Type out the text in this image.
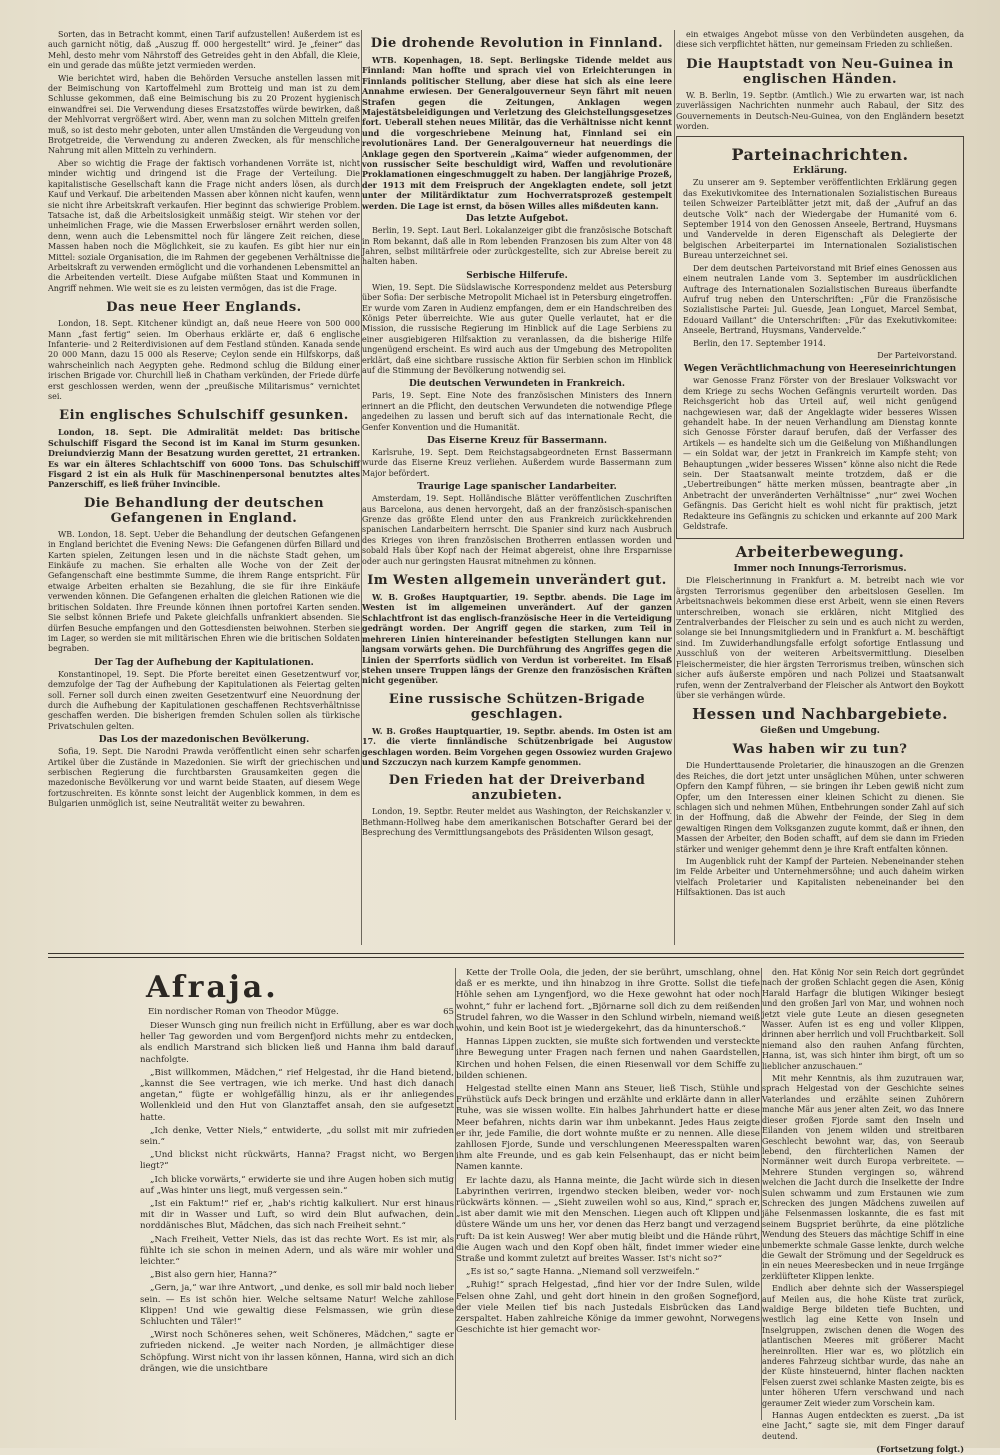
Sorten, das in Betracht kommt, einen Tarif aufzustellen! Außerdem ist es auch garnicht nötig, daß „Auszug ff. 000 hergestellt“ wird. Je „feiner“ das Mehl, desto mehr vom Nährstoff des Getreides geht in den Abfall, die Kleie, ein und gerade das müßte jetzt vermieden werden.

Wie berichtet wird, haben die Behörden Versuche anstellen lassen mit der Beimischung von Kartoffelmehl zum Brotteig und man ist zu dem Schlusse gekommen, daß eine Beimischung bis zu 20 Prozent hygienisch einwandfrei sei. Die Verwendung dieses Ersatzstoffes würde bewirken, daß der Mehlvorrat vergrößert wird. Aber, wenn man zu solchen Mitteln greifen muß, so ist desto mehr geboten, unter allen Umständen die Vergeudung von Brotgetreide, die Verwendung zu anderen Zwecken, als für menschliche Nahrung mit allen Mitteln zu verhindern.

Aber so wichtig die Frage der faktisch vorhandenen Vorräte ist, nicht minder wichtig und dringend ist die Frage der Verteilung. Die kapitalistische Gesellschaft kann die Frage nicht anders lösen, als durch Kauf und Verkauf. Die arbeitenden Massen aber können nicht kaufen, wenn sie nicht ihre Arbeitskraft verkaufen. Hier beginnt das schwierige Problem. Tatsache ist, daß die Arbeitslosigkeit unmäßig steigt. Wir stehen vor der unheimlichen Frage, wie die Massen Erwerbsloser ernährt werden sollen, denn, wenn auch die Lebensmittel noch für längere Zeit reichen, diese Massen haben noch die Möglichkeit, sie zu kaufen. Es gibt hier nur ein Mittel: soziale Organisation, die im Rahmen der gegebenen Verhältnisse die Arbeitskraft zu verwenden ermöglicht und die vorhandenen Lebensmittel an die Arbeitenden verteilt. Diese Aufgabe müßten Staat und Kommunen in Angriff nehmen. Wie weit sie es zu leisten vermögen, das ist die Frage.

Das neue Heer Englands.

London, 18. Sept. Kitchener kündigt an, daß neue Heere von 500 000 Mann „fast fertig“ seien. Im Oberhaus erklärte er, daß 6 englische Infanterie- und 2 Reiterdivisionen auf dem Festland stünden. Kanada sende 20 000 Mann, dazu 15 000 als Reserve; Ceylon sende ein Hilfskorps, daß wahrscheinlich nach Aegypten gehe. Redmond schlug die Bildung einer irischen Brigade vor. Churchill ließ in Chatham verkünden, der Friede dürfe erst geschlossen werden, wenn der „preußische Militarismus“ vernichtet sei.

Ein englisches Schulschiff gesunken.

London, 18. Sept. Die Admiralität meldet: Das britische Schulschiff Fisgard the Second ist im Kanal im Sturm gesunken. Dreiundvierzig Mann der Besatzung wurden gerettet, 21 ertranken. Es war ein älteres Schlachtschiff von 6000 Tons. Das Schulschiff Fisgard 2 ist ein als Hulk für Maschinenpersonal benutztes altes Panzerschiff, es ließ früher Invincible.

Die Behandlung der deutschen Gefangenen in England.

WB. London, 18. Sept. Ueber die Behandlung der deutschen Gefangenen in England berichtet die Evening News: Die Gefangenen dürfen Billard und Karten spielen, Zeitungen lesen und in die nächste Stadt gehen, um Einkäufe zu machen. Sie erhalten alle Woche von der Zeit der Gefangenschaft eine bestimmte Summe, die ihrem Range entspricht. Für etwaige Arbeiten erhalten sie Bezahlung, die sie für ihre Einkäufe verwenden können. Die Gefangenen erhalten die gleichen Rationen wie die britischen Soldaten. Ihre Freunde können ihnen portofrei Karten senden. Sie selbst können Briefe und Pakete gleichfalls unfrankiert absenden. Sie dürfen Besuche empfangen und den Gottesdiensten beiwohnen. Sterben sie im Lager, so werden sie mit militärischen Ehren wie die britischen Soldaten begraben.

Der Tag der Aufhebung der Kapitulationen.

Konstantinopel, 19. Sept. Die Pforte bereitet einen Gesetzentwurf vor, demzufolge der Tag der Aufhebung der Kapitulationen als Feiertag gelten soll. Ferner soll durch einen zweiten Gesetzentwurf eine Neuordnung der durch die Aufhebung der Kapitulationen geschaffenen Rechtsverhältnisse geschaffen werden. Die bisherigen fremden Schulen sollen als türkische Privatschulen gelten.

Das Los der mazedonischen Bevölkerung.

Sofia, 19. Sept. Die Narodni Prawda veröffentlicht einen sehr scharfen Artikel über die Zustände in Mazedonien. Sie wirft der griechischen und serbischen Regierung die furchtbarsten Grausamkeiten gegen die mazedonische Bevölkerung vor und warnt beide Staaten, auf diesem Wege fortzuschreiten. Es könnte sonst leicht der Augenblick kommen, in dem es Bulgarien unmöglich ist, seine Neutralität weiter zu bewahren.

Die drohende Revolution in Finnland.

WTB. Kopenhagen, 18. Sept. Berlingske Tidende meldet aus Finnland: Man hoffte und sprach viel von Erleichterungen in Finnlands politischer Stellung, aber diese hat sich als eine leere Annahme erwiesen. Der Generalgouverneur Seyn fährt mit neuen Strafen gegen die Zeitungen, Anklagen wegen Majestätsbeleidigungen und Verletzung des Gleichstellungsgesetzes fort. Ueberall stehen neues Militär, das die Verhältnisse nicht kennt und die vorgeschriebene Meinung hat, Finnland sei ein revolutionäres Land. Der Generalgouverneur hat neuerdings die Anklage gegen den Sportverein „Kaima“ wieder aufgenommen, der von russischer Seite beschuldigt wird, Waffen und revolutionäre Proklamationen eingeschmuggelt zu haben. Der langjährige Prozeß, der 1913 mit dem Freispruch der Angeklagten endete, soll jetzt unter der Militärdiktatur zum Hochverratsprozeß gestempelt werden. Die Lage ist ernst, da bösen Willes alles mißdeuten kann.

Das letzte Aufgebot.

Berlin, 19. Sept. Laut Berl. Lokalanzeiger gibt die französische Botschaft in Rom bekannt, daß alle in Rom lebenden Franzosen bis zum Alter von 48 Jahren, selbst militärfreie oder zurückgestellte, sich zur Abreise bereit zu halten haben.

Serbische Hilferufe.

Wien, 19. Sept. Die Südslawische Korrespondenz meldet aus Petersburg über Sofia: Der serbische Metropolit Michael ist in Petersburg eingetroffen. Er wurde vom Zaren in Audienz empfangen, dem er ein Handschreiben des Königs Peter überreichte. Wie aus guter Quelle verlautet, hat er die Mission, die russische Regierung im Hinblick auf die Lage Serbiens zu einer ausgiebigeren Hilfsaktion zu veranlassen, da die bisherige Hilfe ungenügend erscheint. Es wird auch aus der Umgebung des Metropoliten erklärt, daß eine sichtbare russische Aktion für Serbien schon im Hinblick auf die Stimmung der Bevölkerung notwendig sei.

Die deutschen Verwundeten in Frankreich.

Paris, 19. Sept. Eine Note des französischen Ministers des Innern erinnert an die Pflicht, den deutschen Verwundeten die notwendige Pflege angedeihen zu lassen und beruft sich auf das internationale Recht, die Genfer Konvention und die Humanität.

Das Eiserne Kreuz für Bassermann.

Karlsruhe, 19. Sept. Dem Reichstagsabgeordneten Ernst Bassermann wurde das Eiserne Kreuz verliehen. Außerdem wurde Bassermann zum Major befördert.

Traurige Lage spanischer Landarbeiter.

Amsterdam, 19. Sept. Holländische Blätter veröffentlichen Zuschriften aus Barcelona, aus denen hervorgeht, daß an der französisch-spanischen Grenze das größte Elend unter den aus Frankreich zurückkehrenden spanischen Landarbeitern herrscht. Die Spanier sind kurz nach Ausbruch des Krieges von ihren französischen Brotherren entlassen worden und sobald Hals über Kopf nach der Heimat abgereist, ohne ihre Ersparnisse oder auch nur geringsten Hausrat mitnehmen zu können.

Im Westen allgemein unverändert gut.

W. B. Großes Hauptquartier, 19. Septbr. abends. Die Lage im Westen ist im allgemeinen unverändert. Auf der ganzen Schlachtfront ist das englisch-französische Heer in die Verteidigung gedrängt worden. Der Angriff gegen die starken, zum Teil in mehreren Linien hintereinander befestigten Stellungen kann nur langsam vorwärts gehen. Die Durchführung des Angriffes gegen die Linien der Sperrforts südlich von Verdun ist vorbereitet. Im Elsaß stehen unsere Truppen längs der Grenze den französischen Kräften nicht gegenüber.

Eine russische Schützen-Brigade geschlagen.

W. B. Großes Hauptquartier, 19. Septbr. abends. Im Osten ist am 17. die vierte finnländische Schützenbrigade bei Augustow geschlagen worden. Beim Vorgehen gegen Ossowiez wurden Grajewo und Szczuczyn nach kurzem Kampfe genommen.

Den Frieden hat der Dreiverband anzubieten.

London, 19. Septbr. Reuter meldet aus Washington, der Reichskanzler v. Bethmann-Hollweg habe dem amerikanischen Botschafter Gerard bei der Besprechung des Vermittlungsangebots des Präsidenten Wilson gesagt,

ein etwaiges Angebot müsse von den Verbündeten ausgehen, da diese sich verpflichtet hätten, nur gemeinsam Frieden zu schließen.

Die Hauptstadt von Neu-Guinea in englischen Händen.

W. B. Berlin, 19. Septbr. (Amtlich.) Wie zu erwarten war, ist nach zuverlässigen Nachrichten nunmehr auch Rabaul, der Sitz des Gouvernements in Deutsch-Neu-Guinea, von den Engländern besetzt worden.

Parteinachrichten.
Erklärung.

Zu unserer am 9. September veröffentlichten Erklärung gegen das Exekutivkomitee des Internationalen Sozialistischen Bureaus teilen Schweizer Parteiblätter jetzt mit, daß der „Aufruf an das deutsche Volk“ nach der Wiedergabe der Humanité vom 6. September 1914 von den Genossen Anseele, Bertrand, Huysmans und Vandervelde in deren Eigenschaft als Delegierte der belgischen Arbeiterpartei im Internationalen Sozialistischen Bureau unterzeichnet sei.

Der dem deutschen Parteivorstand mit Brief eines Genossen aus einem neutralen Lande vom 3. September im ausdrücklichen Auftrage des Internationalen Sozialistischen Bureaus überfandte Aufruf trug neben den Unterschriften: „Für die Französische Sozialistische Partei: Jul. Guesde, Jean Longuet, Marcel Sembat, Edouard Vaillant“ die Unterschriften: „Für das Exekutivkomitee: Anseele, Bertrand, Huysmans, Vandervelde.“

Berlin, den 17. September 1914.

Der Parteivorstand.

Wegen Verächtlichmachung von Heereseinrichtungen

war Genosse Franz Förster von der Breslauer Volkswacht vor dem Kriege zu sechs Wochen Gefängnis verurteilt worden. Das Reichsgericht hob das Urteil auf, weil nicht genügend nachgewiesen war, daß der Angeklagte wider besseres Wissen gehandelt habe. In der neuen Verhandlung am Dienstag konnte sich Genosse Förster darauf berufen, daß der Verfasser des Artikels — es handelte sich um die Geißelung von Mißhandlungen — ein Soldat war, der jetzt in Frankreich im Kampfe steht; von Behauptungen „wider besseres Wissen“ könne also nicht die Rede sein. Der Staatsanwalt meinte trotzdem, daß er die „Uebertreibungen“ hätte merken müssen, beantragte aber „in Anbetracht der unveränderten Verhältnisse“ „nur“ zwei Wochen Gefängnis. Das Gericht hielt es wohl nicht für praktisch, jetzt Redakteure ins Gefängnis zu schicken und erkannte auf 200 Mark Geldstrafe.

Arbeiterbewegung.
Immer noch Innungs-Terrorismus.

Die Fleischerinnung in Frankfurt a. M. betreibt nach wie vor ärgsten Terrorismus gegenüber den arbeitslosen Gesellen. Im Arbeitsnachweis bekommen diese erst Arbeit, wenn sie einen Revers unterschreiben, wonach sie erklären, nicht Mitglied des Zentralverbandes der Fleischer zu sein und es auch nicht zu werden, solange sie bei Innungsmitgliedern und in Frankfurt a. M. beschäftigt sind. Im Zuwiderhandlungsfalle erfolgt sofortige Entlassung und Ausschluß von der weiteren Arbeitsvermittlung. Dieselben Fleischermeister, die hier ärgsten Terrorismus treiben, wünschen sich sicher aufs äußerste empören und nach Polizei und Staatsanwalt rufen, wenn der Zentralverband der Fleischer als Antwort den Boykott über sie verhängen würde.

Hessen und Nachbargebiete.
Gießen und Umgebung.
Was haben wir zu tun?

Die Hunderttausende Proletarier, die hinauszogen an die Grenzen des Reiches, die dort jetzt unter unsäglichen Mühen, unter schweren Opfern den Kampf führen, — sie bringen ihr Leben gewiß nicht zum Opfer, um den Interessen einer kleinen Schicht zu dienen. Sie schlagen sich und nehmen Mühen, Entbehrungen sonder Zahl auf sich in der Hoffnung, daß die Abwehr der Feinde, der Sieg in dem gewaltigen Ringen dem Volksganzen zugute kommt, daß er ihnen, den Massen der Arbeiter, den Boden schafft, auf dem sie dann im Frieden stärker und weniger gehemmt denn je ihre Kraft entfalten können.

Im Augenblick ruht der Kampf der Parteien. Nebeneinander stehen im Felde Arbeiter und Unternehmersöhne; und auch daheim wirken vielfach Proletarier und Kapitalisten nebeneinander bei den Hilfsaktionen. Das ist auch

Afraja.
Ein nordischer Roman von Theodor Mügge.	65

Dieser Wunsch ging nun freilich nicht in Erfüllung, aber es war doch heller Tag geworden und vom Bergenfjord nichts mehr zu entdecken, als endlich Marstrand sich blicken ließ und Hanna ihm bald darauf nachfolgte.

„Bist willkommen, Mädchen,“ rief Helgestad, ihr die Hand bietend, „kannst die See vertragen, wie ich merke. Und hast dich danach angetan,“ fügte er wohlgefällig hinzu, als er ihr anliegendes Wollenkleid und den Hut von Glanztaffet ansah, den sie aufgesetzt hatte.

„Ich denke, Vetter Niels,“ entwiderte, „du sollst mit mir zufrieden sein.“

„Und blickst nicht rückwärts, Hanna? Fragst nicht, wo Bergen liegt?“

„Ich blicke vorwärts,“ erwiderte sie und ihre Augen hoben sich mutig auf „Was hinter uns liegt, muß vergessen sein.“

„Ist ein Faktum!“ rief er, „hab's richtig kalkuliert. Nur erst hinaus mit dir in Wasser und Luft, so wird dein Blut aufwachen, dein norddänisches Blut, Mädchen, das sich nach Freiheit sehnt.“

„Nach Freiheit, Vetter Niels, das ist das rechte Wort. Es ist mir, als fühlte ich sie schon in meinen Adern, und als wäre mir wohler und leichter.“

„Bist also gern hier, Hanna?“

„Gern, ja,“ war ihre Antwort, „und denke, es soll mir bald noch lieber sein. — Es ist schön hier. Welche seltsame Natur! Welche zahllose Klippen! Und wie gewaltig diese Felsmassen, wie grün diese Schluchten und Täler!“

„Wirst noch Schöneres sehen, weit Schöneres, Mädchen,“ sagte er zufrieden nickend. „Je weiter nach Norden, je allmächtiger diese Schöpfung. Wirst nicht von ihr lassen können, Hanna, wird sich an dich drängen, wie die unsichtbare

Kette der Trolle Oola, die jeden, der sie berührt, umschlang, ohne daß er es merkte, und ihn hinabzog in ihre Grotte. Sollst die tiefe Höhle sehen am Lyngenfjord, wo die Hexe gewohnt hat oder noch wohnt,“ fuhr er lachend fort. „Björnarne soll dich zu dem reißenden Strudel fahren, wo die Wasser in den Schlund wirbeln, niemand weiß wohin, und kein Boot ist je wiedergekehrt, das da hinunterschoß.“

Hannas Lippen zuckten, sie mußte sich fortwenden und versteckte ihre Bewegung unter Fragen nach fernen und nahen Gaardstellen, Kirchen und hohen Felsen, die einen Riesenwall vor dem Schiffe zu bilden schienen.

Helgestad stellte einen Mann ans Steuer, ließ Tisch, Stühle und Frühstück aufs Deck bringen und erzählte und erklärte dann in aller Ruhe, was sie wissen wollte. Ein halbes Jahrhundert hatte er diese Meer befahren, nichts darin war ihm unbekannt. Jedes Haus zeigte er ihr, jede Familie, die dort wohnte mußte er zu nennen. Alle diese zahllosen Fjorde, Sunde und verschlungenen Meeresspalten waren ihm alte Freunde, und es gab kein Felsenhaupt, das er nicht beim Namen kannte.

Er lachte dazu, als Hanna meinte, die Jacht würde sich in diesen Labyrinthen verirren, irgendwo stecken bleiben, weder vor- noch rückwärts können. — „Sieht zuweilen wohl so aus, Kind,“ sprach er, „ist aber damit wie mit den Menschen. Liegen auch oft Klippen und düstere Wände um uns her, vor denen das Herz bangt und verzagend ruft: Da ist kein Ausweg! Wer aber mutig bleibt und die Hände rührt, die Augen wach und den Kopf oben hält, findet immer wieder eine Straße und kommt zuletzt auf breites Wasser. Ist's nicht so?“

„Es ist so,“ sagte Hanna. „Niemand soll verzweifeln.“

„Ruhig!“ sprach Helgestad, „find hier vor der Indre Sulen, wilde Felsen ohne Zahl, und geht dort hinein in den großen Sognefjord, der viele Meilen tief bis nach Justedals Eisbrücken das Land zerspaltet. Haben zahlreiche Könige da immer gewohnt, Norwegens Geschichte ist hier gemacht wor-

den. Hat König Nor sein Reich dort gegründet nach der großen Schlacht gegen die Asen, König Harald Harfagr die blutigen Wikinger besiegt und den großen Jarl von Mar, und wohnen noch jetzt viele gute Leute an diesen gesegneten Wasser. Aufen ist es eng und voller Klippen, drinnen aber herrlich und voll Fruchtbarkeit. Soll niemand also den rauhen Anfang fürchten, Hanna, ist, was sich hinter ihm birgt, oft um so lieblicher anzuschauen.“

Mit mehr Kenntnis, als ihm zuzutrauen war, sprach Helgestad von der Geschichte seines Vaterlandes und erzählte seinen Zuhörern manche Mär aus jener alten Zeit, wo das Innere dieser großen Fjorde samt den Inseln und Eilanden von jenem wilden und streitbaren Geschlecht bewohnt war, das, von Seeraub lebend, den fürchterlichen Namen der Normänner weit durch Europa verbreitete. — Mehrere Stunden vergingen so, während welchen die Jacht durch die Inselkette der Indre Sulen schwamm und zum Erstaunen wie zum Schrecken des jungen Mädchens zuweilen auf jähe Felsenmassen loskannte, die es fast mit seinem Bugspriet berührte, da eine plötzliche Wendung des Steuers das mächtige Schiff in eine unbemerkte schmale Gasse lenkte, durch welche die Gewalt der Strömung und der Segeldruck es in ein neues Meeresbecken und in neue Irrgänge zerklüfteter Klippen lenkte.

Endlich aber dehnte sich der Wasserspiegel auf Meilen aus, die hohe Küste trat zurück, waldige Berge bildeten tiefe Buchten, und westlich lag eine Kette von Inseln und Inselgruppen, zwischen denen die Wogen des atlantischen Meeres mit größerer Macht hereinrollten. Hier war es, wo plötzlich ein anderes Fahrzeug sichtbar wurde, das nahe an der Küste hinsteuernd, hinter flachen nackten Felsen zuerst zwei schlanke Masten zeigte, bis es unter höheren Ufern verschwand und nach geraumer Zeit wieder zum Vorschein kam.

Hannas Augen entdeckten es zuerst. „Da ist eine Jacht,“ sagte sie, mit dem Finger darauf deutend.

(Fortsetzung folgt.)
